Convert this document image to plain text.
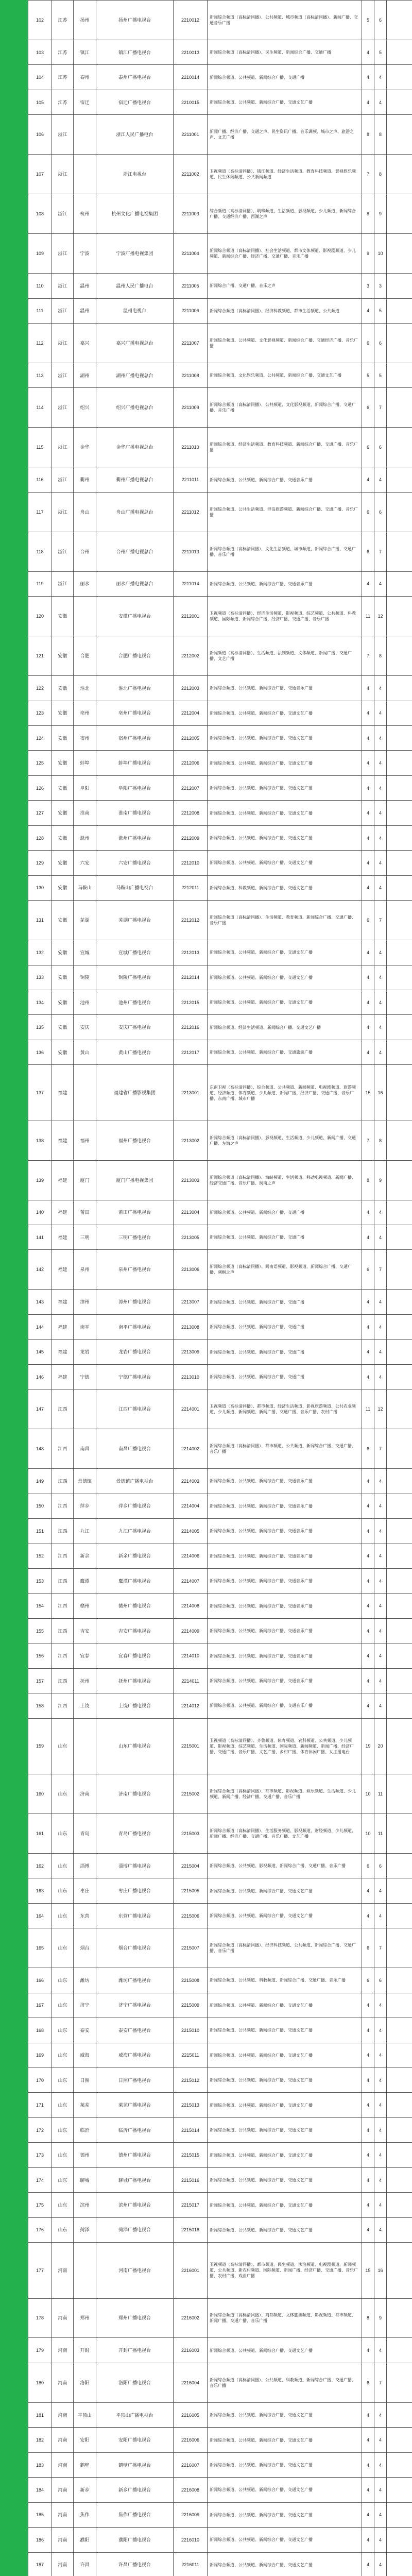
102	江苏	扬州	扬州广播电视台	2210012	新闻综合频道（高标清同播）、公共频道、城市频道（高标清同播）、新闻广播、交通音乐广播	5	6	
103	江苏	镇江	镇江广播电视台	2210013	新闻综合频道（高标清同播）、民生频道、新闻综合广播、交通广播	4	5	
104	江苏	泰州	泰州广播电视台	2210014	新闻综合频道、公共频道、新闻综合广播、交通广播	4	4	
105	江苏	宿迁	宿迁广播电视台	2210015	新闻综合频道、公共频道、新闻综合广播、交通文艺广播	4	4	
106	浙江		浙江人民广播电台	2211001	新闻广播、经济广播、交通之声、民生资讯广播、音乐调频、城市之声、旅游之声、文艺广播	8	8	
107	浙江		浙江电视台	2211002	卫视频道（高标清同播）、钱江频道、经济生活频道、教育科技频道、影视娱乐频道、民生休闲频道、公共新闻频道	7	8	
108	浙江	杭州	杭州文化广播电视集团	2211003	综合频道（高标清同播）、明珠频道、生活频道、影视频道、少儿频道、新闻综合广播、交通经济广播、西湖之声	8	9	
109	浙江	宁波	宁波广播电视集团	2211004	新闻综合频道（高标清同播）、社会生活频道、都市文体频道、影视剧频道、少儿频道、新闻综合广播、经济广播、交通广播、音乐广播	9	10	
110	浙江	温州	温州人民广播电台	2211005	新闻综合广播、交通广播、音乐之声	3	3	
111	浙江	温州	温州电视台	2211006	新闻综合频道（高标清同播）、经济科教频道、都市生活频道、公共频道	4	5	
112	浙江	嘉兴	嘉兴广播电视总台	2211007	新闻综合频道、公共频道、文化影视频道、新闻综合广播、交通经济广播、音乐广播	6	6	
113	浙江	湖州	湖州广播电视总台	2211008	新闻综合频道、文化娱乐频道、公共频道、新闻综合广播、交通文艺广播	5	5	
114	浙江	绍兴	绍兴广播电视总台	2211009	新闻综合频道（高标清同播）、公共频道、文化影视频道、新闻综合广播、交通广播、音乐广播	6	7	
115	浙江	金华	金华广播电视总台	2211010	新闻综合频道、经济生活频道、教育科技频道、新闻综合广播、交通广播、音乐广播	6	6	
116	浙江	衢州	衢州广播电视总台	2211011	新闻综合频道、公共频道、新闻综合广播、交通音乐广播	4	4	
117	浙江	舟山	舟山广播电视总台	2211012	新闻综合频道、公共生活频道、群岛旅游频道、新闻综合广播、交通广播、音乐广播	6	6	
118	浙江	台州	台州广播电视总台	2211013	新闻综合频道（高标清同播）、文化生活频道、城市频道、新闻综合广播、交通广播、音乐广播	6	7	
119	浙江	丽水	丽水广播电视总台	2211014	新闻综合频道、公共频道、新闻综合广播、交通音乐广播	4	4	
120	安徽		安徽广播电视台	2212001	卫视频道（高标清同播）、经济生活频道、影视频道、综艺频道、公共频道、科教频道、国际频道、新闻综合广播、经济广播、交通广播、音乐广播	11	12	
121	安徽	合肥	合肥广播电视台	2212002	新闻频道（高标清同播）、生活频道、法制频道、文体频道、新闻广播、交通广播、文艺广播	7	8	
122	安徽	淮北	淮北广播电视台	2212003	新闻综合频道、公共频道、新闻综合广播、交通音乐广播	4	4	
123	安徽	亳州	亳州广播电视台	2212004	新闻综合频道、公共频道、新闻综合广播、交通文艺广播	4	4	
124	安徽	宿州	宿州广播电视台	2212005	新闻综合频道、公共频道、新闻综合广播、交通文艺广播	4	4	
125	安徽	蚌埠	蚌埠广播电视台	2212006	新闻综合频道、公共频道、新闻综合广播、交通文艺广播	4	4	
126	安徽	阜阳	阜阳广播电视台	2212007	新闻综合频道、公共频道、新闻综合广播、交通文艺广播	4	4	
127	安徽	淮南	淮南广播电视台	2212008	新闻综合频道、公共频道、新闻综合广播、交通文艺广播	4	4	
128	安徽	滁州	滁州广播电视台	2212009	新闻综合频道、公共频道、新闻综合广播、交通文艺广播	4	4	
129	安徽	六安	六安广播电视台	2212010	新闻综合频道、公共频道、新闻综合广播、交通文艺广播	4	4	
130	安徽	马鞍山	马鞍山广播电视台	2212011	新闻综合频道、科教频道、新闻综合广播、交通文艺广播	4	4	
131	安徽	芜湖	芜湖广播电视台	2212012	新闻综合频道（高标清同播）、生活频道、教育频道、新闻综合广播、交通广播、音乐广播	6	7	
132	安徽	宣城	宣城广播电视台	2212013	新闻综合频道、公共频道、新闻综合广播、交通文艺广播	4	4	
133	安徽	铜陵	铜陵广播电视台	2212014	新闻综合频道、公共频道、新闻综合广播、交通文艺广播	4	4	
134	安徽	池州	池州广播电视台	2212015	新闻综合频道、公共频道、新闻综合广播、交通文艺广播	4	4	
135	安徽	安庆	安庆广播电视台	2212016	新闻综合频道、经济生活频道、新闻综合广播、交通文艺广播	4	4	
136	安徽	黄山	黄山广播电视台	2212017	新闻综合频道、公共频道、新闻综合广播、交通旅游广播	4	4	
137	福建		福建省广播影视集团	2213001	东南卫视（高标清同播）、综合频道、公共频道、新闻频道、电视剧频道、旅游频道、经济频道、体育频道、少儿频道、新闻广播、经济广播、交通广播、音乐广播、东南广播、城市广播	15	16	
138	福建	福州	福州广播电视台	2213002	新闻综合频道（高标清同播）、影视频道、生活频道、少儿频道、新闻广播、交通广播、左海之声	7	8	
139	福建	厦门	厦门广播电视集团	2213003	新闻综合频道（高标清同播）、海峡频道、生活频道、移动电视频道、新闻广播、经济交通广播、音乐广播、闽南之声	8	9	
140	福建	莆田	莆田广播电视台	2213004	新闻综合频道、公共频道、新闻综合广播、交通广播	4	4	
141	福建	三明	三明广播电视台	2213005	新闻综合频道、公共频道、新闻综合广播、交通广播	4	4	
142	福建	泉州	泉州广播电视台	2213006	新闻综合频道（高标清同播）、闽南语频道、影视频道、新闻综合广播、交通广播、刺桐之声	6	7	
143	福建	漳州	漳州广播电视台	2213007	新闻综合频道、公共频道、新闻综合广播、交通广播	4	4	
144	福建	南平	南平广播电视台	2213008	新闻综合频道、公共频道、新闻综合广播、交通广播	4	4	
145	福建	龙岩	龙岩广播电视台	2213009	新闻综合频道、公共频道、新闻综合广播、交通广播	4	4	
146	福建	宁德	宁德广播电视台	2213010	新闻综合频道、公共频道、新闻综合广播、交通广播	4	4	
147	江西		江西广播电视台	2214001	卫视频道（高标清同播）、都市频道、经济生活频道、影视旅游频道、公共农业频道、少儿频道、新闻频道、新闻广播、交通广播、音乐广播、农村广播	11	12	
148	江西	南昌	南昌广播电视台	2214002	新闻综合频道（高标清同播）、都市频道、公共频道、新闻综合广播、交通广播、音乐广播	6	7	
149	江西	景德镇	景德镇广播电视台	2214003	新闻综合频道、公共频道、新闻综合广播、交通音乐广播	4	4	
150	江西	萍乡	萍乡广播电视台	2214004	新闻综合频道、公共频道、新闻综合广播、交通音乐广播	4	4	
151	江西	九江	九江广播电视台	2214005	新闻综合频道、公共频道、新闻综合广播、交通音乐广播	4	4	
152	江西	新余	新余广播电视台	2214006	新闻综合频道、公共频道、新闻综合广播、交通音乐广播	4	4	
153	江西	鹰潭	鹰潭广播电视台	2214007	新闻综合频道、公共频道、新闻综合广播、交通音乐广播	4	4	
154	江西	赣州	赣州广播电视台	2214008	新闻综合频道、公共频道、新闻综合广播、交通音乐广播	4	4	
155	江西	吉安	吉安广播电视台	2214009	新闻综合频道、公共频道、新闻综合广播、交通音乐广播	4	4	
156	江西	宜春	宜春广播电视台	2214010	新闻综合频道、公共频道、新闻综合广播、交通音乐广播	4	4	
157	江西	抚州	抚州广播电视台	2214011	新闻综合频道、公共频道、新闻综合广播、交通音乐广播	4	4	
158	江西	上饶	上饶广播电视台	2214012	新闻综合频道、公共频道、新闻综合广播、交通音乐广播	4	4	
159	山东		山东广播电视台	2215001	卫视频道（高标清同播）、齐鲁频道、体育频道、农科频道、公共频道、少儿频道、影视频道、综艺频道、生活频道、国际频道、新闻频道、新闻广播、经济广播、交通广播、音乐广播、文艺广播、乡村广播、体育休闲广播、女主播电台	19	20	
160	山东	济南	济南广播电视台	2215002	新闻综合频道（高标清同播）、都市频道、影视频道、娱乐频道、生活频道、少儿频道、新闻广播、经济广播、交通广播、音乐广播	10	11	
161	山东	青岛	青岛广播电视台	2215003	新闻综合频道（高标清同播）、生活服务频道、影视频道、财经频道、少儿频道、新闻广播、经济广播、交通广播、音乐广播、文艺广播	10	11	
162	山东	淄博	淄博广播电视台	2215004	新闻综合频道、公共频道、影视频道、新闻综合广播、交通广播、音乐广播	6	6	
163	山东	枣庄	枣庄广播电视台	2215005	新闻综合频道、公共频道、新闻综合广播、交通文艺广播	4	4	
164	山东	东营	东营广播电视台	2215006	新闻综合频道、公共频道、新闻综合广播、交通文艺广播	4	4	
165	山东	烟台	烟台广播电视台	2215007	新闻综合频道（高标清同播）、经济科技频道、公共频道、新闻综合广播、交通广播、音乐广播	6	7	
166	山东	潍坊	潍坊广播电视台	2215008	新闻综合频道、公共频道、科教频道、新闻综合广播、交通广播、音乐广播	6	6	
167	山东	济宁	济宁广播电视台	2215009	新闻综合频道、公共频道、新闻综合广播、交通文艺广播	4	4	
168	山东	泰安	泰安广播电视台	2215010	新闻综合频道、公共频道、新闻综合广播、交通文艺广播	4	4	
169	山东	威海	威海广播电视台	2215011	新闻综合频道、公共频道、新闻综合广播、交通文艺广播	4	4	
170	山东	日照	日照广播电视台	2215012	新闻综合频道、公共频道、新闻综合广播、交通文艺广播	4	4	
171	山东	莱芜	莱芜广播电视台	2215013	新闻综合频道、公共频道、新闻综合广播、交通文艺广播	4	4	
172	山东	临沂	临沂广播电视台	2215014	新闻综合频道、公共频道、新闻综合广播、交通文艺广播	4	4	
173	山东	德州	德州广播电视台	2215015	新闻综合频道、公共频道、新闻综合广播、交通文艺广播	4	4	
174	山东	聊城	聊城广播电视台	2215016	新闻综合频道、公共频道、新闻综合广播、交通文艺广播	4	4	
175	山东	滨州	滨州广播电视台	2215017	新闻综合频道、公共频道、新闻综合广播、交通文艺广播	4	4	
176	山东	菏泽	菏泽广播电视台	2215018	新闻综合频道、公共频道、新闻综合广播、交通文艺广播	4	4	
177	河南		河南广播电视台	2216001	卫视频道（高标清同播）、都市频道、民生频道、法治频道、电视剧频道、新闻频道、公共频道、新农村频道、国际频道、新闻广播、经济广播、交通广播、音乐广播、农村广播、戏曲广播	15	16	
178	河南	郑州	郑州广播电视台	2216002	新闻综合频道（高标清同播）、商都频道、文体旅游频道、影视频道、都市频道、新闻广播、交通广播、音乐广播	8	9	
179	河南	开封	开封广播电视台	2216003	新闻综合频道、公共频道、新闻综合广播、交通文艺广播	4	4	
180	河南	洛阳	洛阳广播电视台	2216004	新闻综合频道（高标清同播）、公共频道、科教频道、新闻综合广播、交通广播、音乐广播	6	7	
181	河南	平顶山	平顶山广播电视台	2216005	新闻综合频道、公共频道、新闻综合广播、交通文艺广播	4	4	
182	河南	安阳	安阳广播电视台	2216006	新闻综合频道、公共频道、新闻综合广播、交通文艺广播	4	4	
183	河南	鹤壁	鹤壁广播电视台	2216007	新闻综合频道、公共频道、新闻综合广播、交通文艺广播	4	4	
184	河南	新乡	新乡广播电视台	2216008	新闻综合频道、公共频道、新闻综合广播、交通文艺广播	4	4	
185	河南	焦作	焦作广播电视台	2216009	新闻综合频道、公共频道、新闻综合广播、交通文艺广播	4	4	
186	河南	濮阳	濮阳广播电视台	2216010	新闻综合频道、公共频道、新闻综合广播、交通文艺广播	4	4	
187	河南	许昌	许昌广播电视台	2216011	新闻综合频道、公共频道、新闻综合广播、交通文艺广播	4	4	
